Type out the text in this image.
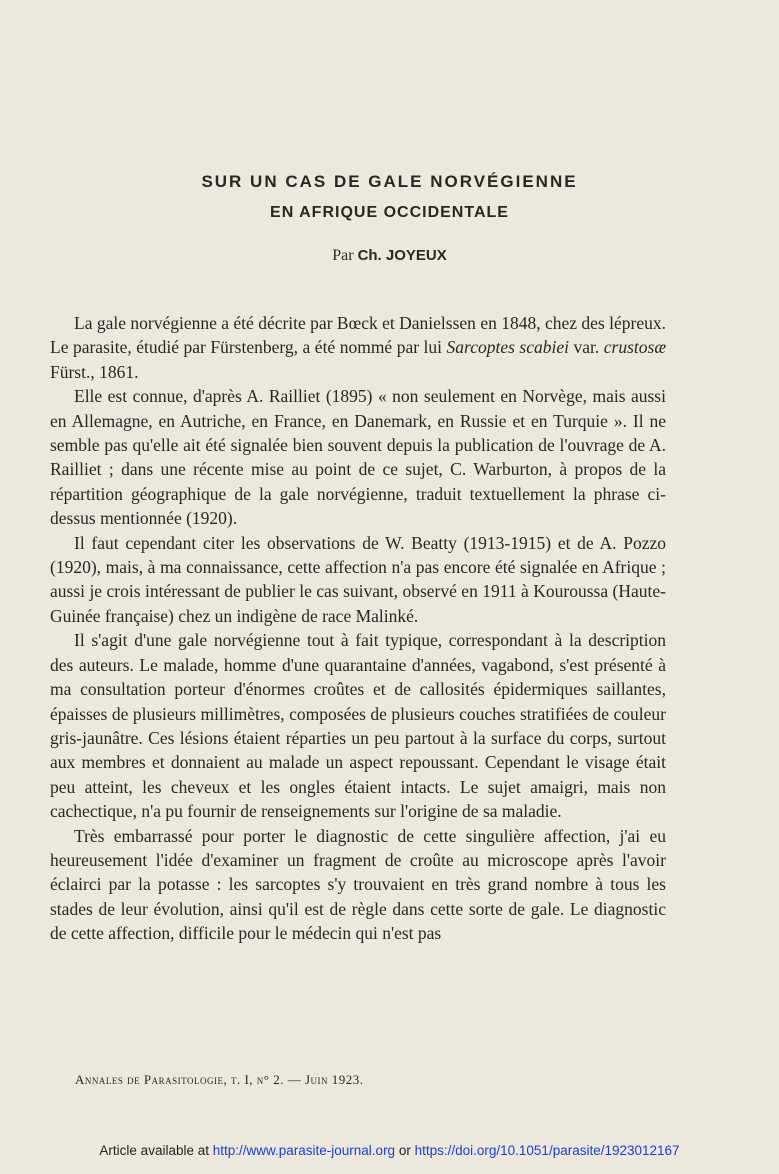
SUR UN CAS DE GALE NORVÉGIENNE
EN AFRIQUE OCCIDENTALE
Par Ch. JOYEUX

La gale norvégienne a été décrite par Bœck et Danielssen en 1848, chez des lépreux. Le parasite, étudié par Fürstenberg, a été nommé par lui Sarcoptes scabiei var. crustosæ Fürst., 1861.

Elle est connue, d'après A. Railliet (1895) « non seulement en Norvège, mais aussi en Allemagne, en Autriche, en France, en Danemark, en Russie et en Turquie ». Il ne semble pas qu'elle ait été signalée bien souvent depuis la publication de l'ouvrage de A. Railliet ; dans une récente mise au point de ce sujet, C. Warburton, à propos de la répartition géographique de la gale norvégienne, traduit textuellement la phrase ci-dessus mentionnée (1920).

Il faut cependant citer les observations de W. Beatty (1913-1915) et de A. Pozzo (1920), mais, à ma connaissance, cette affection n'a pas encore été signalée en Afrique ; aussi je crois intéressant de publier le cas suivant, observé en 1911 à Kouroussa (Haute-Guinée française) chez un indigène de race Malinké.

Il s'agit d'une gale norvégienne tout à fait typique, correspondant à la description des auteurs. Le malade, homme d'une quarantaine d'années, vagabond, s'est présenté à ma consultation porteur d'énormes croûtes et de callosités épidermiques saillantes, épaisses de plusieurs millimètres, composées de plusieurs couches stratifiées de couleur gris-jaunâtre. Ces lésions étaient réparties un peu partout à la surface du corps, surtout aux membres et donnaient au malade un aspect repoussant. Cependant le visage était peu atteint, les cheveux et les ongles étaient intacts. Le sujet amaigri, mais non cachectique, n'a pu fournir de renseignements sur l'origine de sa maladie.

Très embarrassé pour porter le diagnostic de cette singulière affection, j'ai eu heureusement l'idée d'examiner un fragment de croûte au microscope après l'avoir éclairci par la potasse : les sarcoptes s'y trouvaient en très grand nombre à tous les stades de leur évolution, ainsi qu'il est de règle dans cette sorte de gale. Le diagnostic de cette affection, difficile pour le médecin qui n'est pas

Annales de Parasitologie, t. I, n° 2. — Juin 1923.
Article available at http://www.parasite-journal.org or https://doi.org/10.1051/parasite/1923012167
